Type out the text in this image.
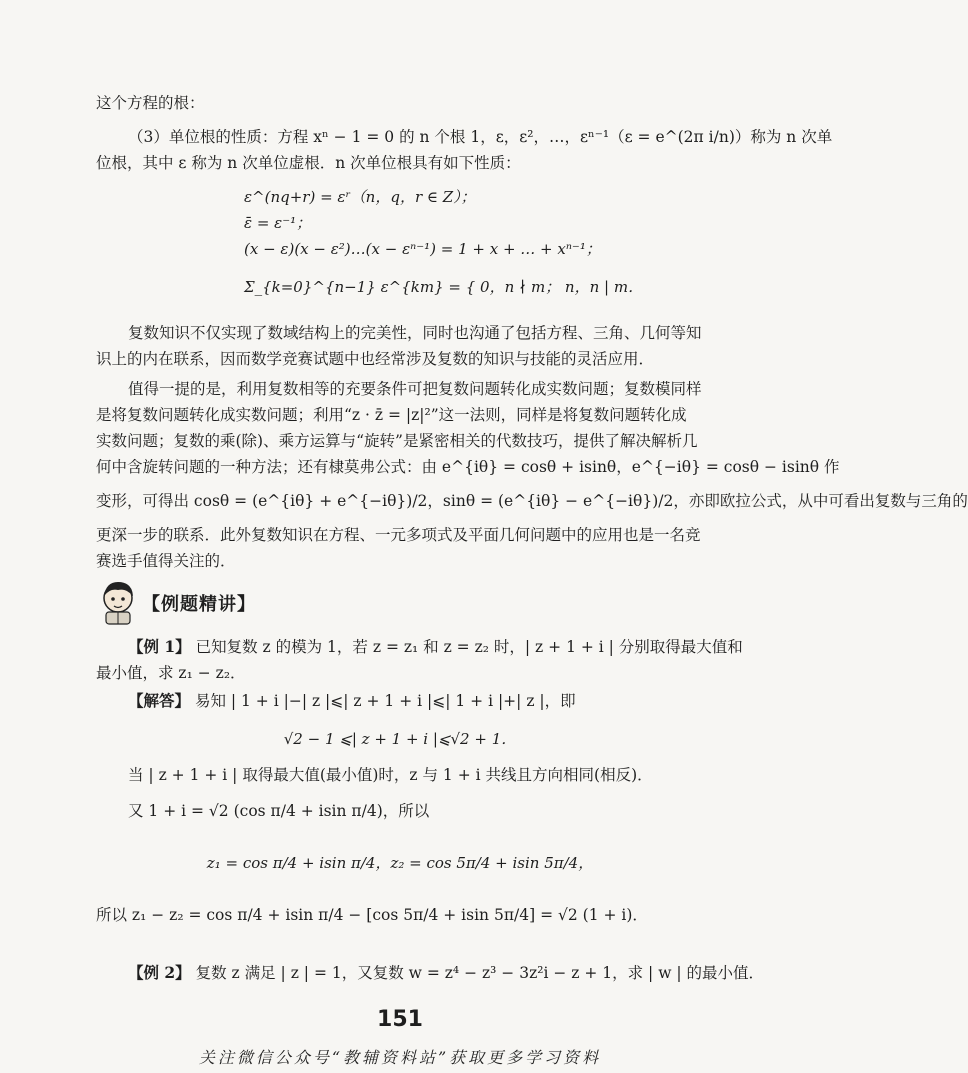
这个方程的根：
（3）单位根的性质：方程 xⁿ − 1 = 0 的 n 个根 1，ε，ε²，…，εⁿ⁻¹（ε = e^(2π i/n)）称为 n 次单
位根，其中 ε 称为 n 次单位虚根．n 次单位根具有如下性质：
ε^(nq+r) = εʳ（n，q，r ∈ Z）；
ε̄ = ε⁻¹；
(x − ε)(x − ε²)…(x − εⁿ⁻¹) = 1 + x + … + xⁿ⁻¹；
Σ_{k=0}^{n−1} ε^{km} = { 0，n ∤ m； n，n | m．
复数知识不仅实现了数域结构上的完美性，同时也沟通了包括方程、三角、几何等知
识上的内在联系，因而数学竞赛试题中也经常涉及复数的知识与技能的灵活应用．
值得一提的是，利用复数相等的充要条件可把复数问题转化成实数问题；复数模同样
是将复数问题转化成实数问题；利用“z · z̄ = |z|²”这一法则，同样是将复数问题转化成
实数问题；复数的乘(除)、乘方运算与“旋转”是紧密相关的代数技巧，提供了解决解析几
何中含旋转问题的一种方法；还有棣莫弗公式：由 e^{iθ} = cosθ + isinθ，e^{−iθ} = cosθ − isinθ 作
变形，可得出 cosθ = (e^{iθ} + e^{−iθ})/2，sinθ = (e^{iθ} − e^{−iθ})/2，亦即欧拉公式，从中可看出复数与三角的
更深一步的联系．此外复数知识在方程、一元多项式及平面几何问题中的应用也是一名竞
赛选手值得关注的．
【例题精讲】
【例 1】 已知复数 z 的模为 1，若 z = z₁ 和 z = z₂ 时，| z + 1 + i | 分别取得最大值和
最小值，求 z₁ − z₂．
【解答】 易知 | 1 + i |−| z |⩽| z + 1 + i |⩽| 1 + i |+| z |，即
√2 − 1 ⩽| z + 1 + i |⩽√2 + 1．
当 | z + 1 + i | 取得最大值(最小值)时，z 与 1 + i 共线且方向相同(相反)．
又 1 + i = √2 (cos π/4 + isin π/4)，所以
z₁ = cos π/4 + isin π/4，z₂ = cos 5π/4 + isin 5π/4，
所以 z₁ − z₂ = cos π/4 + isin π/4 − [cos 5π/4 + isin 5π/4] = √2 (1 + i)．
【例 2】 复数 z 满足 | z | = 1，又复数 w = z⁴ − z³ − 3z²i − z + 1，求 | w | 的最小值．
151
关注微信公众号“教辅资料站”获取更多学习资料
